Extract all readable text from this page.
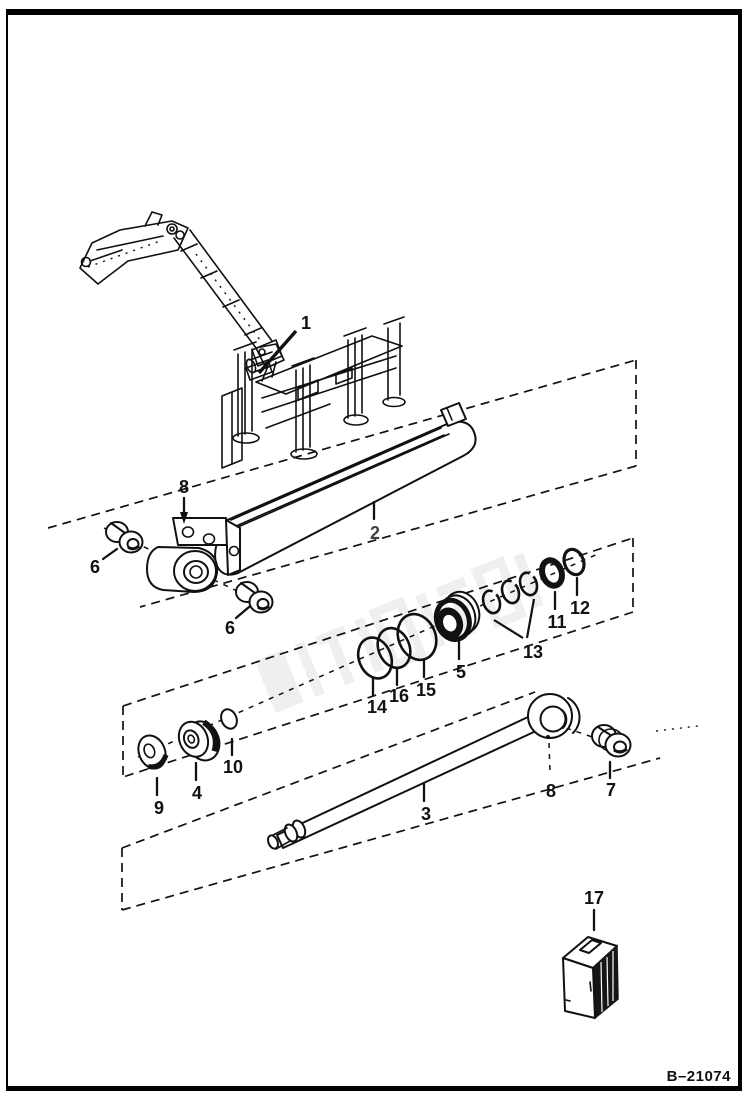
1
8
2
6
6
5
11
12
13
14
16 15
9
4
10
3
8	7
17
B–21074
